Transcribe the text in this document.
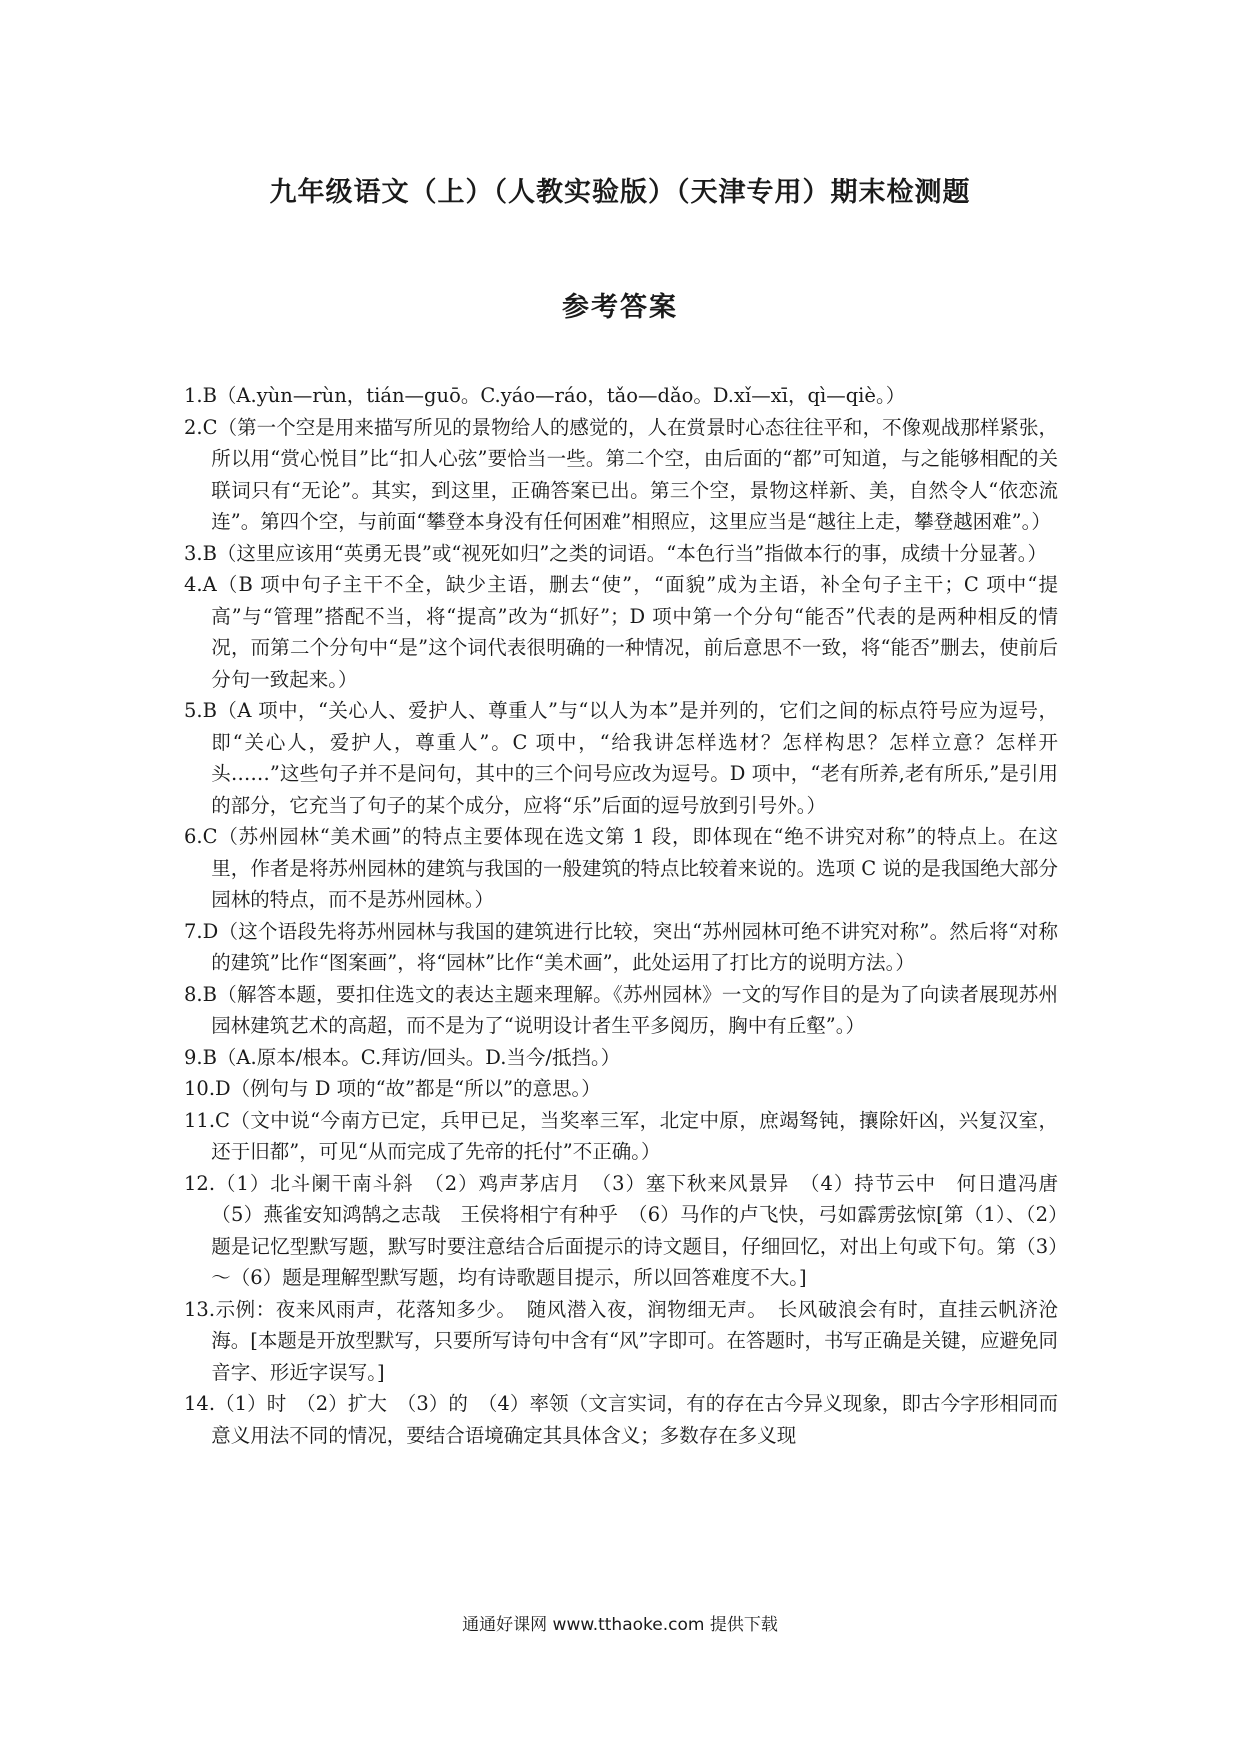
九年级语文（上）（人教实验版）（天津专用）期末检测题
参考答案

1.B（A.yùn—rùn，tián—guō。C.yáo—ráo，tǎo—dǎo。D.xǐ—xī，qì—qiè。）

2.C（第一个空是用来描写所见的景物给人的感觉的，人在赏景时心态往往平和，不像观战那样紧张，所以用“赏心悦目”比“扣人心弦”要恰当一些。第二个空，由后面的“都”可知道，与之能够相配的关联词只有“无论”。其实，到这里，正确答案已出。第三个空，景物这样新、美，自然令人“依恋流连”。第四个空，与前面“攀登本身没有任何困难”相照应，这里应当是“越往上走，攀登越困难”。）

3.B（这里应该用“英勇无畏”或“视死如归”之类的词语。“本色行当”指做本行的事，成绩十分显著。）

4.A（B 项中句子主干不全，缺少主语，删去“使”，“面貌”成为主语，补全句子主干；C 项中“提高”与“管理”搭配不当，将“提高”改为“抓好”；D 项中第一个分句“能否”代表的是两种相反的情况，而第二个分句中“是”这个词代表很明确的一种情况，前后意思不一致，将“能否”删去，使前后分句一致起来。）

5.B（A 项中，“关心人、爱护人、尊重人”与“以人为本”是并列的，它们之间的标点符号应为逗号，即“关心人，爱护人，尊重人”。C 项中，“给我讲怎样选材？怎样构思？怎样立意？怎样开头……”这些句子并不是问句，其中的三个问号应改为逗号。D 项中，“老有所养,老有所乐,”是引用的部分，它充当了句子的某个成分，应将“乐”后面的逗号放到引号外。）

6.C（苏州园林“美术画”的特点主要体现在选文第 1 段，即体现在“绝不讲究对称”的特点上。在这里，作者是将苏州园林的建筑与我国的一般建筑的特点比较着来说的。选项 C 说的是我国绝大部分园林的特点，而不是苏州园林。）

7.D（这个语段先将苏州园林与我国的建筑进行比较，突出“苏州园林可绝不讲究对称”。然后将“对称的建筑”比作“图案画”，将“园林”比作“美术画”，此处运用了打比方的说明方法。）

8.B（解答本题，要扣住选文的表达主题来理解。《苏州园林》一文的写作目的是为了向读者展现苏州园林建筑艺术的高超，而不是为了“说明设计者生平多阅历，胸中有丘壑”。）

9.B（A.原本/根本。C.拜访/回头。D.当今/抵挡。）

10.D（例句与 D 项的“故”都是“所以”的意思。）

11.C（文中说“今南方已定，兵甲已足，当奖率三军，北定中原，庶竭驽钝，攘除奸凶，兴复汉室，还于旧都”，可见“从而完成了先帝的托付”不正确。）

12.（1）北斗阑干南斗斜　（2）鸡声茅店月　（3）塞下秋来风景异　（4）持节云中　何日遣冯唐　（5）燕雀安知鸿鹄之志哉　王侯将相宁有种乎　（6）马作的卢飞快，弓如霹雳弦惊[第（1）、（2）题是记忆型默写题，默写时要注意结合后面提示的诗文题目，仔细回忆，对出上句或下句。第（3）～（6）题是理解型默写题，均有诗歌题目提示，所以回答难度不大。]

13.示例：夜来风雨声，花落知多少。　随风潜入夜，润物细无声。　长风破浪会有时，直挂云帆济沧海。[本题是开放型默写，只要所写诗句中含有“风”字即可。在答题时，书写正确是关键，应避免同音字、形近字误写。]

14.（1）时　（2）扩大　（3）的　（4）率领（文言实词，有的存在古今异义现象，即古今字形相同而意义用法不同的情况，要结合语境确定其具体含义；多数存在多义现

通通好课网 www.tthaoke.com 提供下载
